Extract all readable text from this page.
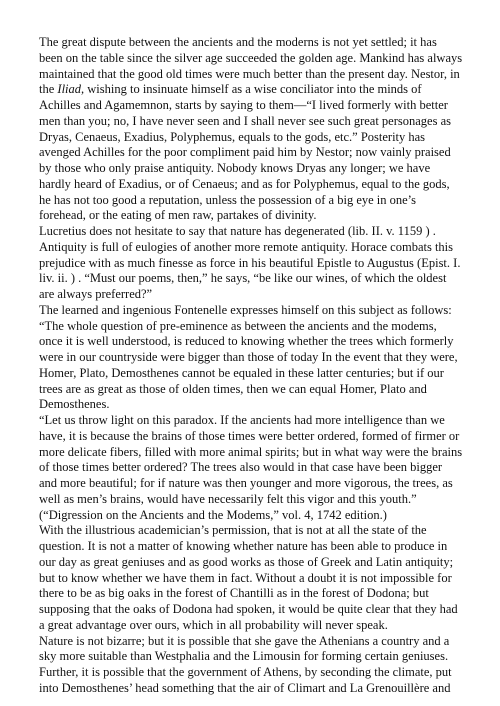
The great dispute between the ancients and the moderns is not yet settled; it has been on the table since the silver age succeeded the golden age. Mankind has always maintained that the good old times were much better than the present day. Nestor, in the Iliad, wishing to insinuate himself as a wise conciliator into the minds of Achilles and Agamemnon, starts by saying to them—“I lived formerly with better men than you; no, I have never seen and I shall never see such great personages as Dryas, Cenaeus, Exadius, Polyphemus, equals to the gods, etc.” Posterity has avenged Achilles for the poor compliment paid him by Nestor; now vainly praised by those who only praise antiquity. Nobody knows Dryas any longer; we have hardly heard of Exadius, or of Cenaeus; and as for Polyphemus, equal to the gods, he has not too good a reputation, unless the possession of a big eye in one’s forehead, or the eating of men raw, partakes of divinity.

Lucretius does not hesitate to say that nature has degenerated (lib. II. v. 1159 ) . Antiquity is full of eulogies of another more remote antiquity. Horace combats this prejudice with as much finesse as force in his beautiful Epistle to Augustus (Epist. I. liv. ii. ) . “Must our poems, then,” he says, “be like our wines, of which the oldest are always preferred?”

The learned and ingenious Fontenelle expresses himself on this subject as follows: “The whole question of pre-eminence as between the ancients and the modems, once it is well understood, is reduced to knowing whether the trees which formerly were in our countryside were bigger than those of today In the event that they were, Homer, Plato, Demosthenes cannot be equaled in these latter centuries; but if our trees are as great as those of olden times, then we can equal Homer, Plato and Demosthenes.

“Let us throw light on this paradox. If the ancients had more intelligence than we have, it is because the brains of those times were better ordered, formed of firmer or more delicate fibers, filled with more animal spirits; but in what way were the brains of those times better ordered? The trees also would in that case have been bigger and more beautiful; for if nature was then younger and more vigorous, the trees, as well as men’s brains, would have necessarily felt this vigor and this youth.” (“Digression on the Ancients and the Modems,” vol. 4, 1742 edition.)

With the illustrious academician’s permission, that is not at all the state of the question. It is not a matter of knowing whether nature has been able to produce in our day as great geniuses and as good works as those of Greek and Latin antiquity; but to know whether we have them in fact. Without a doubt it is not impossible for there to be as big oaks in the forest of Chantilli as in the forest of Dodona; but supposing that the oaks of Dodona had spoken, it would be quite clear that they had a great advantage over ours, which in all probability will never speak.

Nature is not bizarre; but it is possible that she gave the Athenians a country and a sky more suitable than Westphalia and the Limousin for forming certain geniuses. Further, it is possible that the government of Athens, by seconding the climate, put into Demosthenes’ head something that the air of Climart and La Grenouillère and
